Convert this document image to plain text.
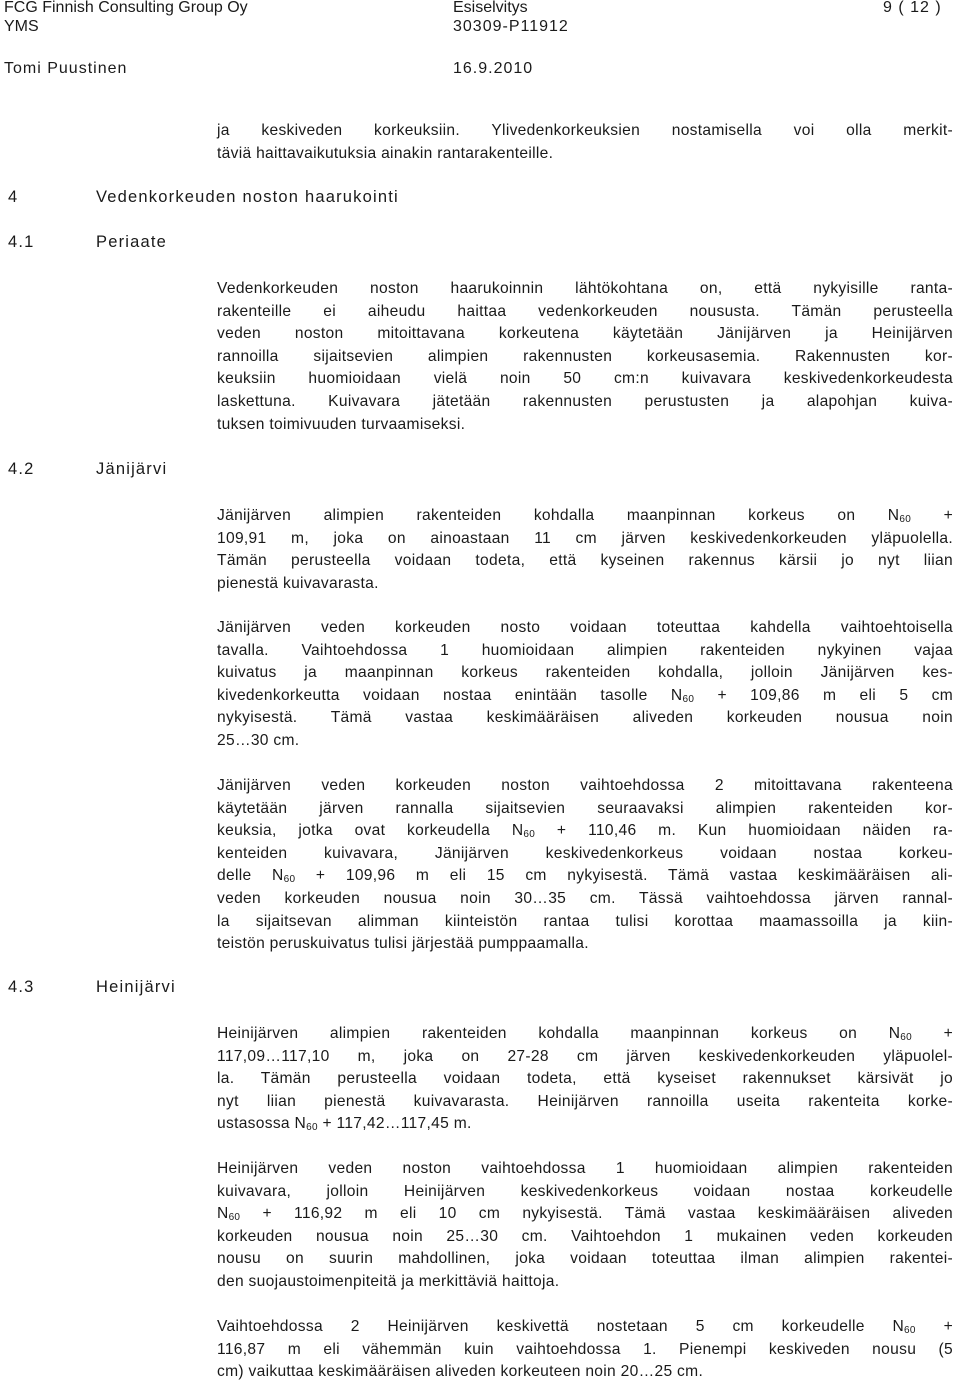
FCG Finnish Consulting Group Oy
YMS
Tomi Puustinen
Esiselvitys
30309-P11912
16.9.2010
9 ( 12 )
ja keskiveden korkeuksiin. Ylivedenkorkeuksien nostamisella voi olla merkit-
täviä haittavaikutuksia ainakin rantarakenteille.
4	Vedenkorkeuden noston haarukointi
4.1	Periaate
Vedenkorkeuden noston haarukoinnin lähtökohtana on, että nykyisille ranta-
rakenteille ei aiheudu haittaa vedenkorkeuden noususta. Tämän perusteella
veden noston mitoittavana korkeutena käytetään Jänijärven ja Heinijärven
rannoilla sijaitsevien alimpien rakennusten korkeusasemia. Rakennusten kor-
keuksiin huomioidaan vielä noin 50 cm:n kuivavara keskivedenkorkeudesta
laskettuna. Kuivavara jätetään rakennusten perustusten ja alapohjan kuiva-
tuksen toimivuuden turvaamiseksi.
4.2	Jänijärvi
Jänijärven alimpien rakenteiden kohdalla maanpinnan korkeus on $N_{60}$ +
109,91 m, joka on ainoastaan 11 cm järven keskivedenkorkeuden yläpuolella.
Tämän perusteella voidaan todeta, että kyseinen rakennus kärsii jo nyt liian
pienestä kuivavarasta.
Jänijärven veden korkeuden nosto voidaan toteuttaa kahdella vaihtoehtoisella
tavalla. Vaihtoehdossa 1 huomioidaan alimpien rakenteiden nykyinen vajaa
kuivatus ja maanpinnan korkeus rakenteiden kohdalla, jolloin Jänijärven kes-
kivedenkorkeutta voidaan nostaa enintään tasolle $N_{60} + 109,86$ m eli 5 cm
nykyisestä. Tämä vastaa keskimääräisen aliveden korkeuden nousua noin
25…30 cm.
Jänijärven veden korkeuden noston vaihtoehdossa 2 mitoittavana rakenteena
käytetään järven rannalla sijaitsevien seuraavaksi alimpien rakenteiden kor-
keuksia, jotka ovat korkeudella $N_{60} + 110,46$ m. Kun huomioidaan näiden ra-
kenteiden kuivavara, Jänijärven keskivedenkorkeus voidaan nostaa korkeu-
delle $N_{60} + 109,96$ m eli 15 cm nykyisestä. Tämä vastaa keskimääräisen ali-
veden korkeuden nousua noin 30…35 cm. Tässä vaihtoehdossa järven rannal-
la sijaitsevan alimman kiinteistön rantaa tulisi korottaa maamassoilla ja kiin-
teistön peruskuivatus tulisi järjestää pumppaamalla.
4.3	Heinijärvi
Heinijärven alimpien rakenteiden kohdalla maanpinnan korkeus on $N_{60}$ +
117,09…117,10 m, joka on 27-28 cm järven keskivedenkorkeuden yläpuolel-
la. Tämän perusteella voidaan todeta, että kyseiset rakennukset kärsivät jo
nyt liian pienestä kuivavarasta. Heinijärven rannoilla useita rakenteita korke-
ustasossa $N_{60}$ + 117,42…117,45 m.
Heinijärven veden noston vaihtoehdossa 1 huomioidaan alimpien rakenteiden
kuivavara, jolloin Heinijärven keskivedenkorkeus voidaan nostaa korkeudelle
$N_{60} + 116,92$ m eli 10 cm nykyisestä. Tämä vastaa keskimääräisen aliveden
korkeuden nousua noin 25…30 cm. Vaihtoehdon 1 mukainen veden korkeuden
nousu on suurin mahdollinen, joka voidaan toteuttaa ilman alimpien rakentei-
den suojaustoimenpiteitä ja merkittäviä haittoja.
Vaihtoehdossa 2 Heinijärven keskivettä nostetaan 5 cm korkeudelle $N_{60}$ +
116,87 m eli vähemmän kuin vaihtoehdossa 1. Pienempi keskiveden nousu (5
cm) vaikuttaa keskimääräisen aliveden korkeuteen noin 20…25 cm.
